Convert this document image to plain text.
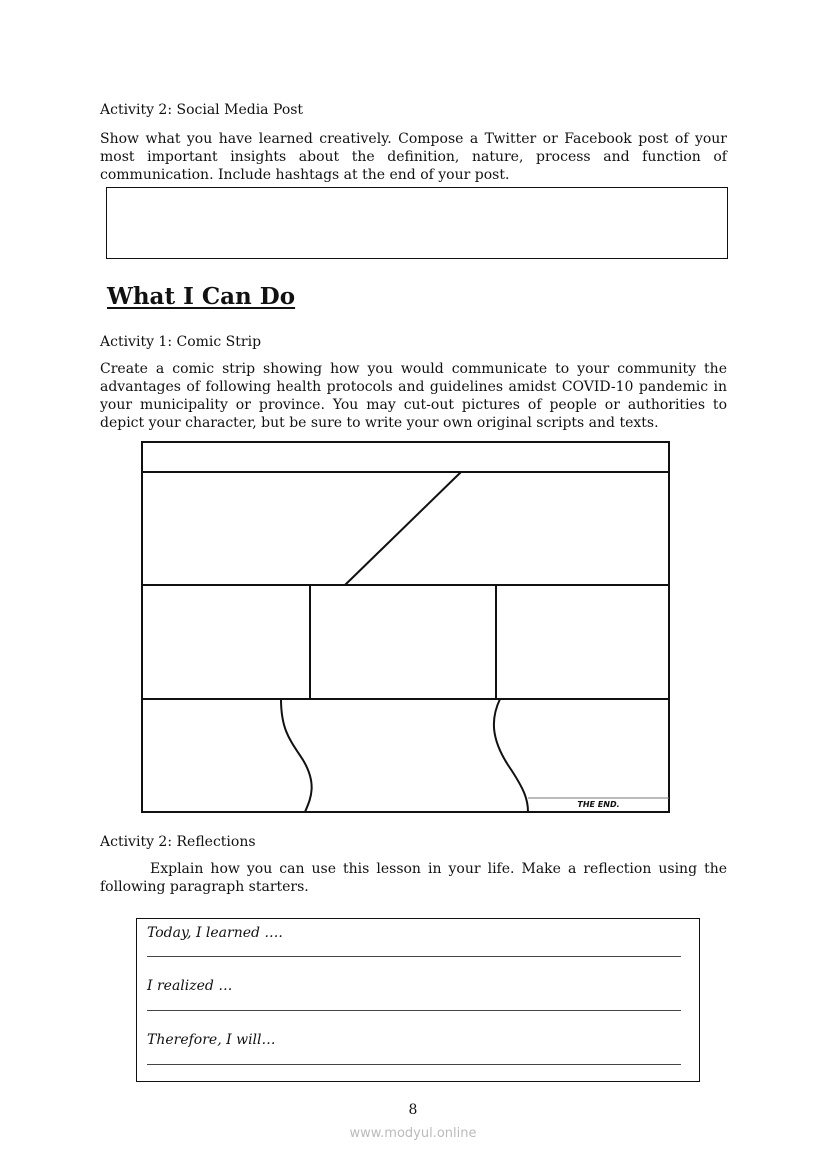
Activity 2: Social Media Post
Show what you have learned creatively. Compose a Twitter or Facebook post of your most important insights about the definition, nature, process and function of communication. Include hashtags at the end of your post.
What I Can Do
Activity 1: Comic Strip
Create a comic strip showing how you would communicate to your community the advantages of following health protocols and guidelines amidst COVID-10 pandemic in your municipality or province. You may cut-out pictures of people or authorities to depict your character, but be sure to write your own original scripts and texts.
THE END.
Activity 2: Reflections
Explain how you can use this lesson in your life. Make a reflection using the following paragraph starters.
Today, I learned ….
I realized …
Therefore, I will…
8
www.modyul.online
